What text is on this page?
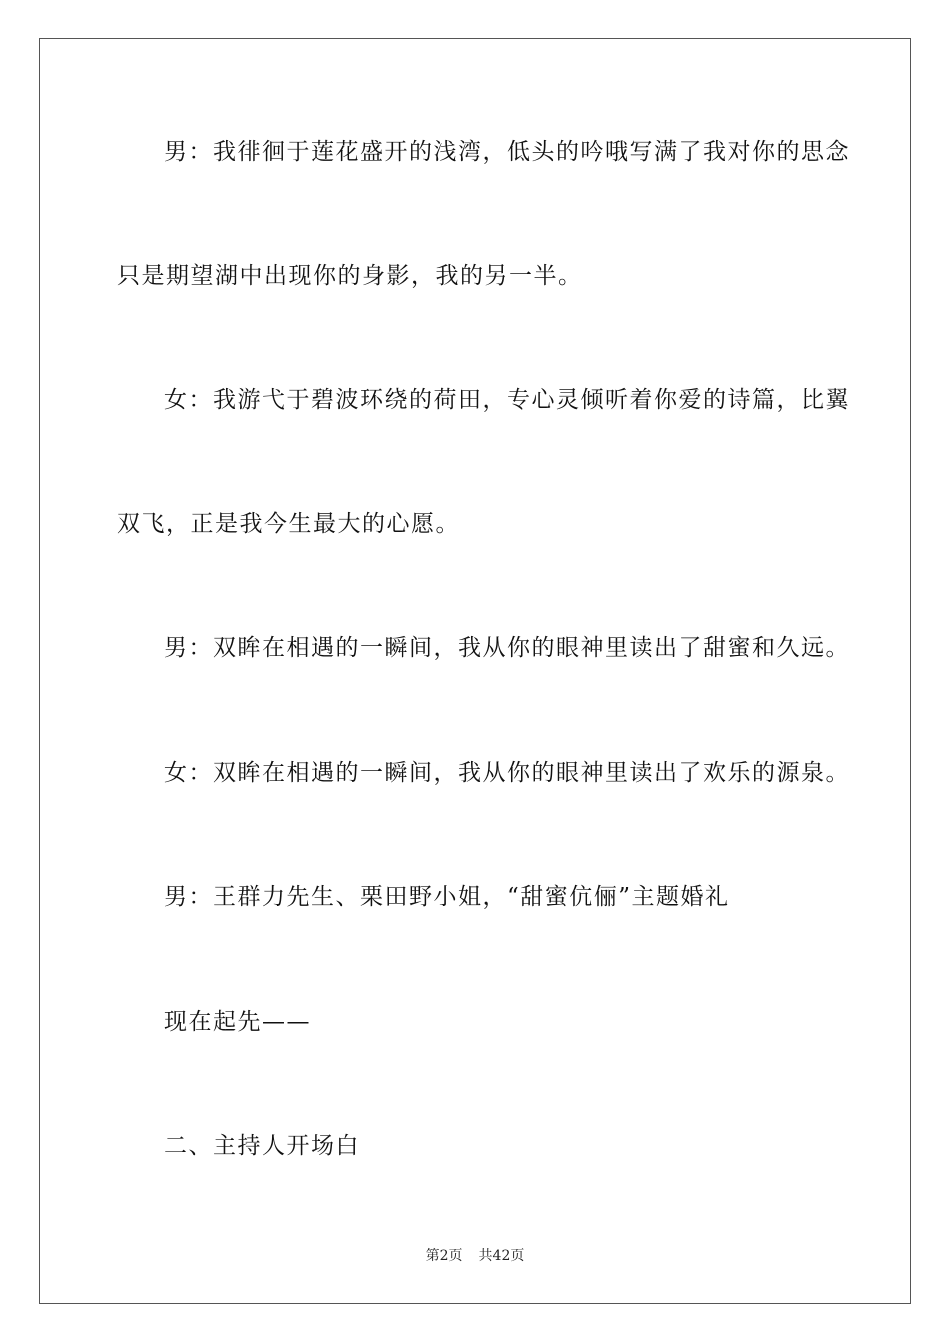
男：我徘徊于莲花盛开的浅湾，低头的吟哦写满了我对你的思念
只是期望湖中出现你的身影，我的另一半。
女：我游弋于碧波环绕的荷田，专心灵倾听着你爱的诗篇，比翼
双飞，正是我今生最大的心愿。
男：双眸在相遇的一瞬间，我从你的眼神里读出了甜蜜和久远。
女：双眸在相遇的一瞬间，我从你的眼神里读出了欢乐的源泉。
男：王群力先生、栗田野小姐，“甜蜜伉俪”主题婚礼
现在起先——
二、主持人开场白
第2页 共42页
